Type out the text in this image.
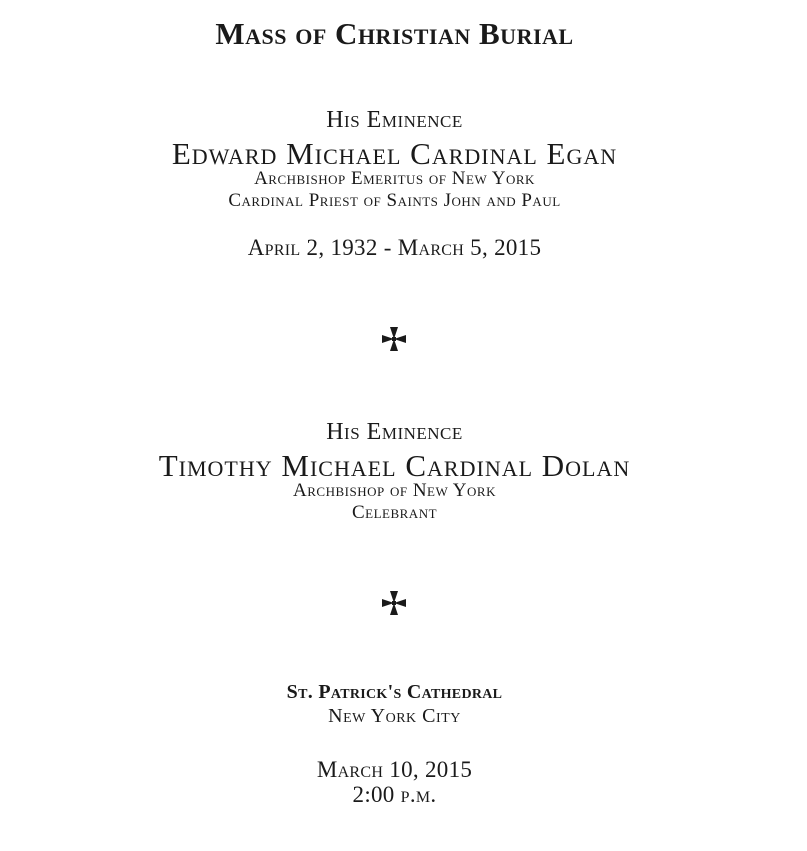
Mass of Christian Burial
His Eminence
Edward Michael Cardinal Egan
Archbishop Emeritus of New York
Cardinal Priest of Saints John and Paul
April 2, 1932 - March 5, 2015
His Eminence
Timothy Michael Cardinal Dolan
Archbishop of New York
Celebrant
St. Patrick's Cathedral
New York City
March 10, 2015
2:00 p.m.
